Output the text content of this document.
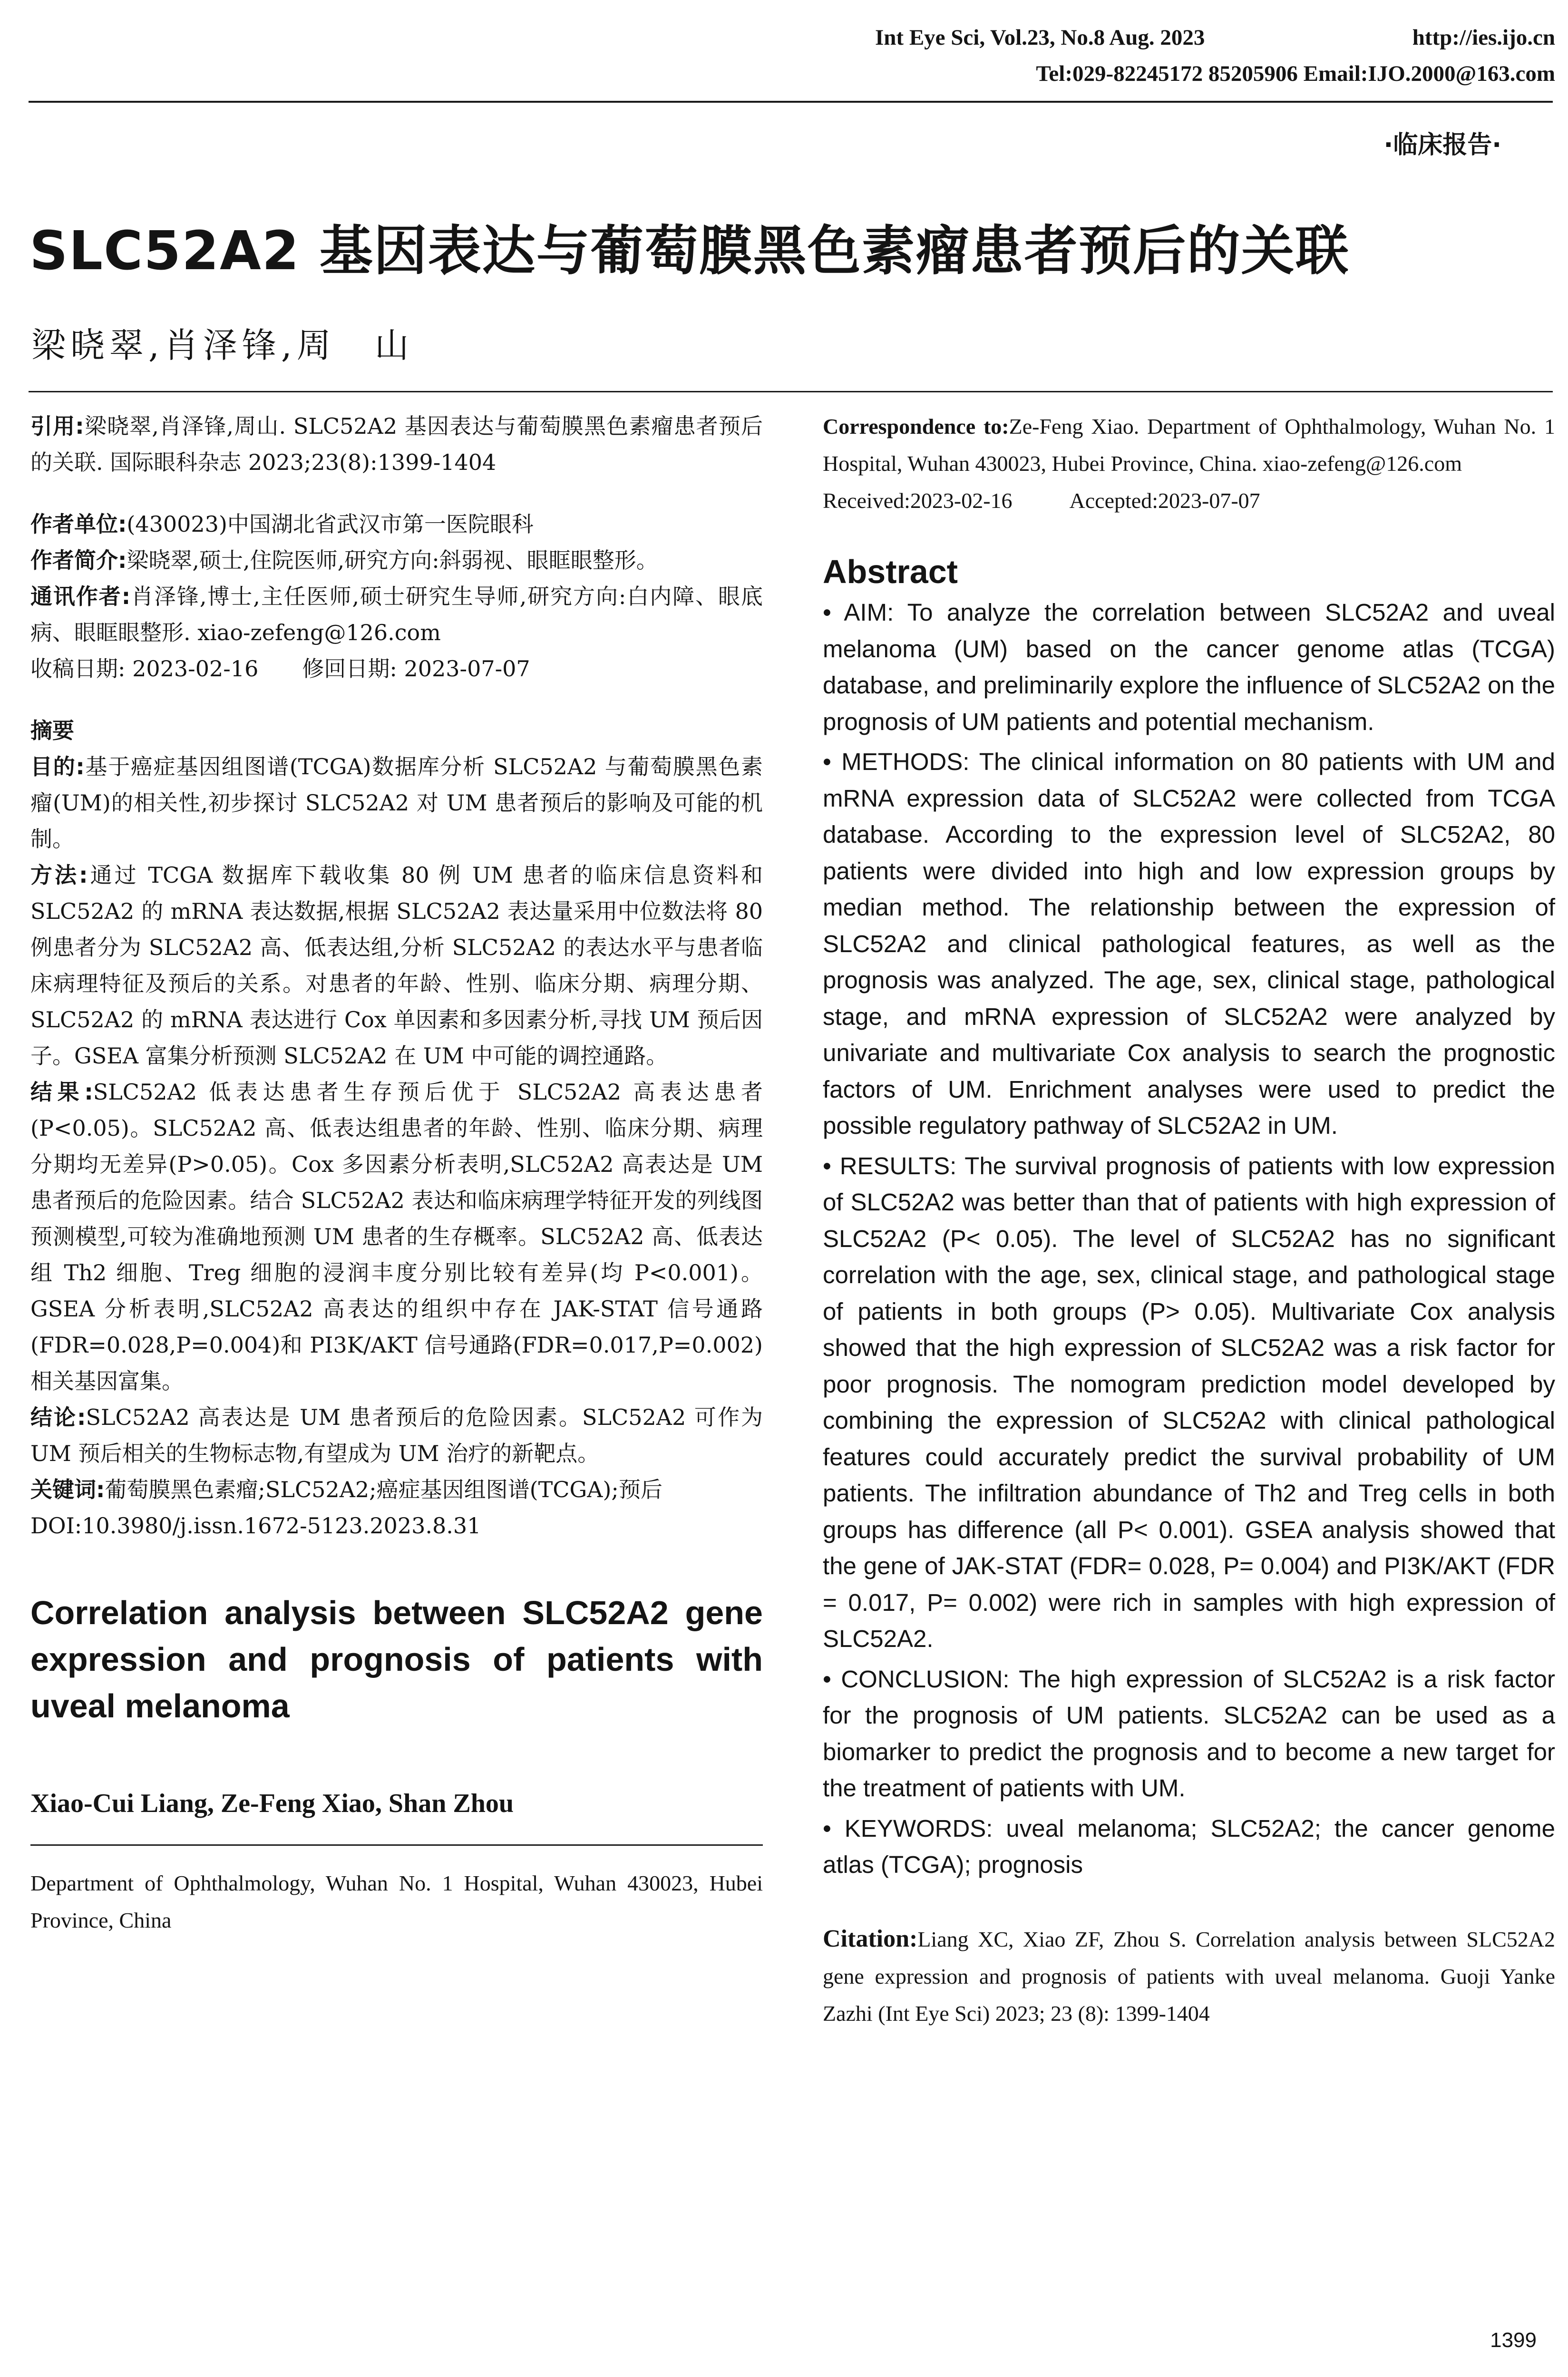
Int Eye Sci, Vol.23, No.8 Aug. 2023	http://ies.ijo.cn
Tel:029-82245172 85205906 Email:IJO.2000@163.com
·临床报告·
SLC52A2 基因表达与葡萄膜黑色素瘤患者预后的关联
梁晓翠,肖泽锋,周　山

引用:梁晓翠,肖泽锋,周山. SLC52A2 基因表达与葡萄膜黑色素瘤患者预后的关联. 国际眼科杂志 2023;23(8):1399-1404

作者单位:(430023)中国湖北省武汉市第一医院眼科

作者简介:梁晓翠,硕士,住院医师,研究方向:斜弱视、眼眶眼整形。

通讯作者:肖泽锋,博士,主任医师,硕士研究生导师,研究方向:白内障、眼底病、眼眶眼整形. xiao-zefeng@126.com

收稿日期: 2023-02-16　　修回日期: 2023-07-07

摘要

目的:基于癌症基因组图谱(TCGA)数据库分析 SLC52A2 与葡萄膜黑色素瘤(UM)的相关性,初步探讨 SLC52A2 对 UM 患者预后的影响及可能的机制。

方法:通过 TCGA 数据库下载收集 80 例 UM 患者的临床信息资料和 SLC52A2 的 mRNA 表达数据,根据 SLC52A2 表达量采用中位数法将 80 例患者分为 SLC52A2 高、低表达组,分析 SLC52A2 的表达水平与患者临床病理特征及预后的关系。对患者的年龄、性别、临床分期、病理分期、SLC52A2 的 mRNA 表达进行 Cox 单因素和多因素分析,寻找 UM 预后因子。GSEA 富集分析预测 SLC52A2 在 UM 中可能的调控通路。

结果:SLC52A2 低表达患者生存预后优于 SLC52A2 高表达患者(P<0.05)。SLC52A2 高、低表达组患者的年龄、性别、临床分期、病理分期均无差异(P>0.05)。Cox 多因素分析表明,SLC52A2 高表达是 UM 患者预后的危险因素。结合 SLC52A2 表达和临床病理学特征开发的列线图预测模型,可较为准确地预测 UM 患者的生存概率。SLC52A2 高、低表达组 Th2 细胞、Treg 细胞的浸润丰度分别比较有差异(均 P<0.001)。GSEA 分析表明,SLC52A2 高表达的组织中存在 JAK-STAT 信号通路(FDR=0.028,P=0.004)和 PI3K/AKT 信号通路(FDR=0.017,P=0.002)相关基因富集。

结论:SLC52A2 高表达是 UM 患者预后的危险因素。SLC52A2 可作为 UM 预后相关的生物标志物,有望成为 UM 治疗的新靶点。

关键词:葡萄膜黑色素瘤;SLC52A2;癌症基因组图谱(TCGA);预后

DOI:10.3980/j.issn.1672-5123.2023.8.31

Correlation analysis between SLC52A2 gene expression and prognosis of patients with uveal melanoma
Xiao-Cui Liang, Ze-Feng Xiao, Shan Zhou

Department of Ophthalmology, Wuhan No. 1 Hospital, Wuhan 430023, Hubei Province, China

Correspondence to:Ze-Feng Xiao. Department of Ophthalmology, Wuhan No. 1 Hospital, Wuhan 430023, Hubei Province, China. xiao-zefeng@126.com

Received:2023-02-16	Accepted:2023-07-07

Abstract

• AIM: To analyze the correlation between SLC52A2 and uveal melanoma (UM) based on the cancer genome atlas (TCGA) database, and preliminarily explore the influence of SLC52A2 on the prognosis of UM patients and potential mechanism.

• METHODS: The clinical information on 80 patients with UM and mRNA expression data of SLC52A2 were collected from TCGA database. According to the expression level of SLC52A2, 80 patients were divided into high and low expression groups by median method. The relationship between the expression of SLC52A2 and clinical pathological features, as well as the prognosis was analyzed. The age, sex, clinical stage, pathological stage, and mRNA expression of SLC52A2 were analyzed by univariate and multivariate Cox analysis to search the prognostic factors of UM. Enrichment analyses were used to predict the possible regulatory pathway of SLC52A2 in UM.

• RESULTS: The survival prognosis of patients with low expression of SLC52A2 was better than that of patients with high expression of SLC52A2 (P< 0.05). The level of SLC52A2 has no significant correlation with the age, sex, clinical stage, and pathological stage of patients in both groups (P> 0.05). Multivariate Cox analysis showed that the high expression of SLC52A2 was a risk factor for poor prognosis. The nomogram prediction model developed by combining the expression of SLC52A2 with clinical pathological features could accurately predict the survival probability of UM patients. The infiltration abundance of Th2 and Treg cells in both groups has difference (all P< 0.001). GSEA analysis showed that the gene of JAK-STAT (FDR= 0.028, P= 0.004) and PI3K/AKT (FDR = 0.017, P= 0.002) were rich in samples with high expression of SLC52A2.

• CONCLUSION: The high expression of SLC52A2 is a risk factor for the prognosis of UM patients. SLC52A2 can be used as a biomarker to predict the prognosis and to become a new target for the treatment of patients with UM.

• KEYWORDS: uveal melanoma; SLC52A2; the cancer genome atlas (TCGA); prognosis

Citation:Liang XC, Xiao ZF, Zhou S. Correlation analysis between SLC52A2 gene expression and prognosis of patients with uveal melanoma. Guoji Yanke Zazhi (Int Eye Sci) 2023; 23 (8): 1399-1404

1399
